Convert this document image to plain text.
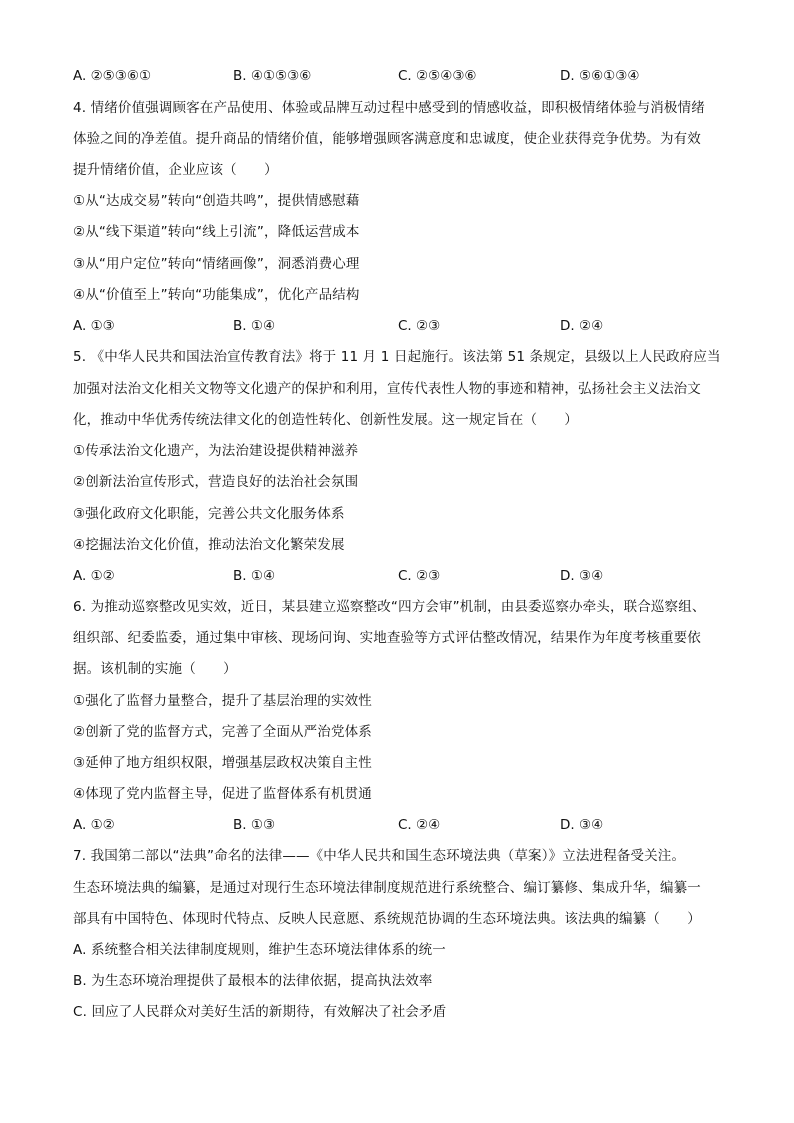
A. ②⑤③⑥①	B. ④①⑤③⑥	C. ②⑤④③⑥	D. ⑤⑥①③④
4. 情绪价值强调顾客在产品使用、体验或品牌互动过程中感受到的情感收益，即积极情绪体验与消极情绪
体验之间的净差值。提升商品的情绪价值，能够增强顾客满意度和忠诚度，使企业获得竞争优势。为有效
提升情绪价值，企业应该（　　）
①从“达成交易”转向“创造共鸣”，提供情感慰藉
②从“线下渠道”转向“线上引流”，降低运营成本
③从“用户定位”转向“情绪画像”，洞悉消费心理
④从“价值至上”转向“功能集成”，优化产品结构
A. ①③	B. ①④	C. ②③	D. ②④
5. 《中华人民共和国法治宣传教育法》将于 11 月 1 日起施行。该法第 51 条规定，县级以上人民政府应当
加强对法治文化相关文物等文化遗产的保护和利用，宣传代表性人物的事迹和精神，弘扬社会主义法治文
化，推动中华优秀传统法律文化的创造性转化、创新性发展。这一规定旨在（　　）
①传承法治文化遗产，为法治建设提供精神滋养
②创新法治宣传形式，营造良好的法治社会氛围
③强化政府文化职能，完善公共文化服务体系
④挖掘法治文化价值，推动法治文化繁荣发展
A. ①②	B. ①④	C. ②③	D. ③④
6. 为推动巡察整改见实效，近日，某县建立巡察整改“四方会审”机制，由县委巡察办牵头，联合巡察组、
组织部、纪委监委，通过集中审核、现场问询、实地查验等方式评估整改情况，结果作为年度考核重要依
据。该机制的实施（　　）
①强化了监督力量整合，提升了基层治理的实效性
②创新了党的监督方式，完善了全面从严治党体系
③延伸了地方组织权限，增强基层政权决策自主性
④体现了党内监督主导，促进了监督体系有机贯通
A. ①②	B. ①③	C. ②④	D. ③④
7. 我国第二部以“法典”命名的法律——《中华人民共和国生态环境法典（草案）》立法进程备受关注。
生态环境法典的编纂，是通过对现行生态环境法律制度规范进行系统整合、编订纂修、集成升华，编纂一
部具有中国特色、体现时代特点、反映人民意愿、系统规范协调的生态环境法典。该法典的编纂（　　）
A. 系统整合相关法律制度规则，维护生态环境法律体系的统一
B. 为生态环境治理提供了最根本的法律依据，提高执法效率
C. 回应了人民群众对美好生活的新期待，有效解决了社会矛盾
